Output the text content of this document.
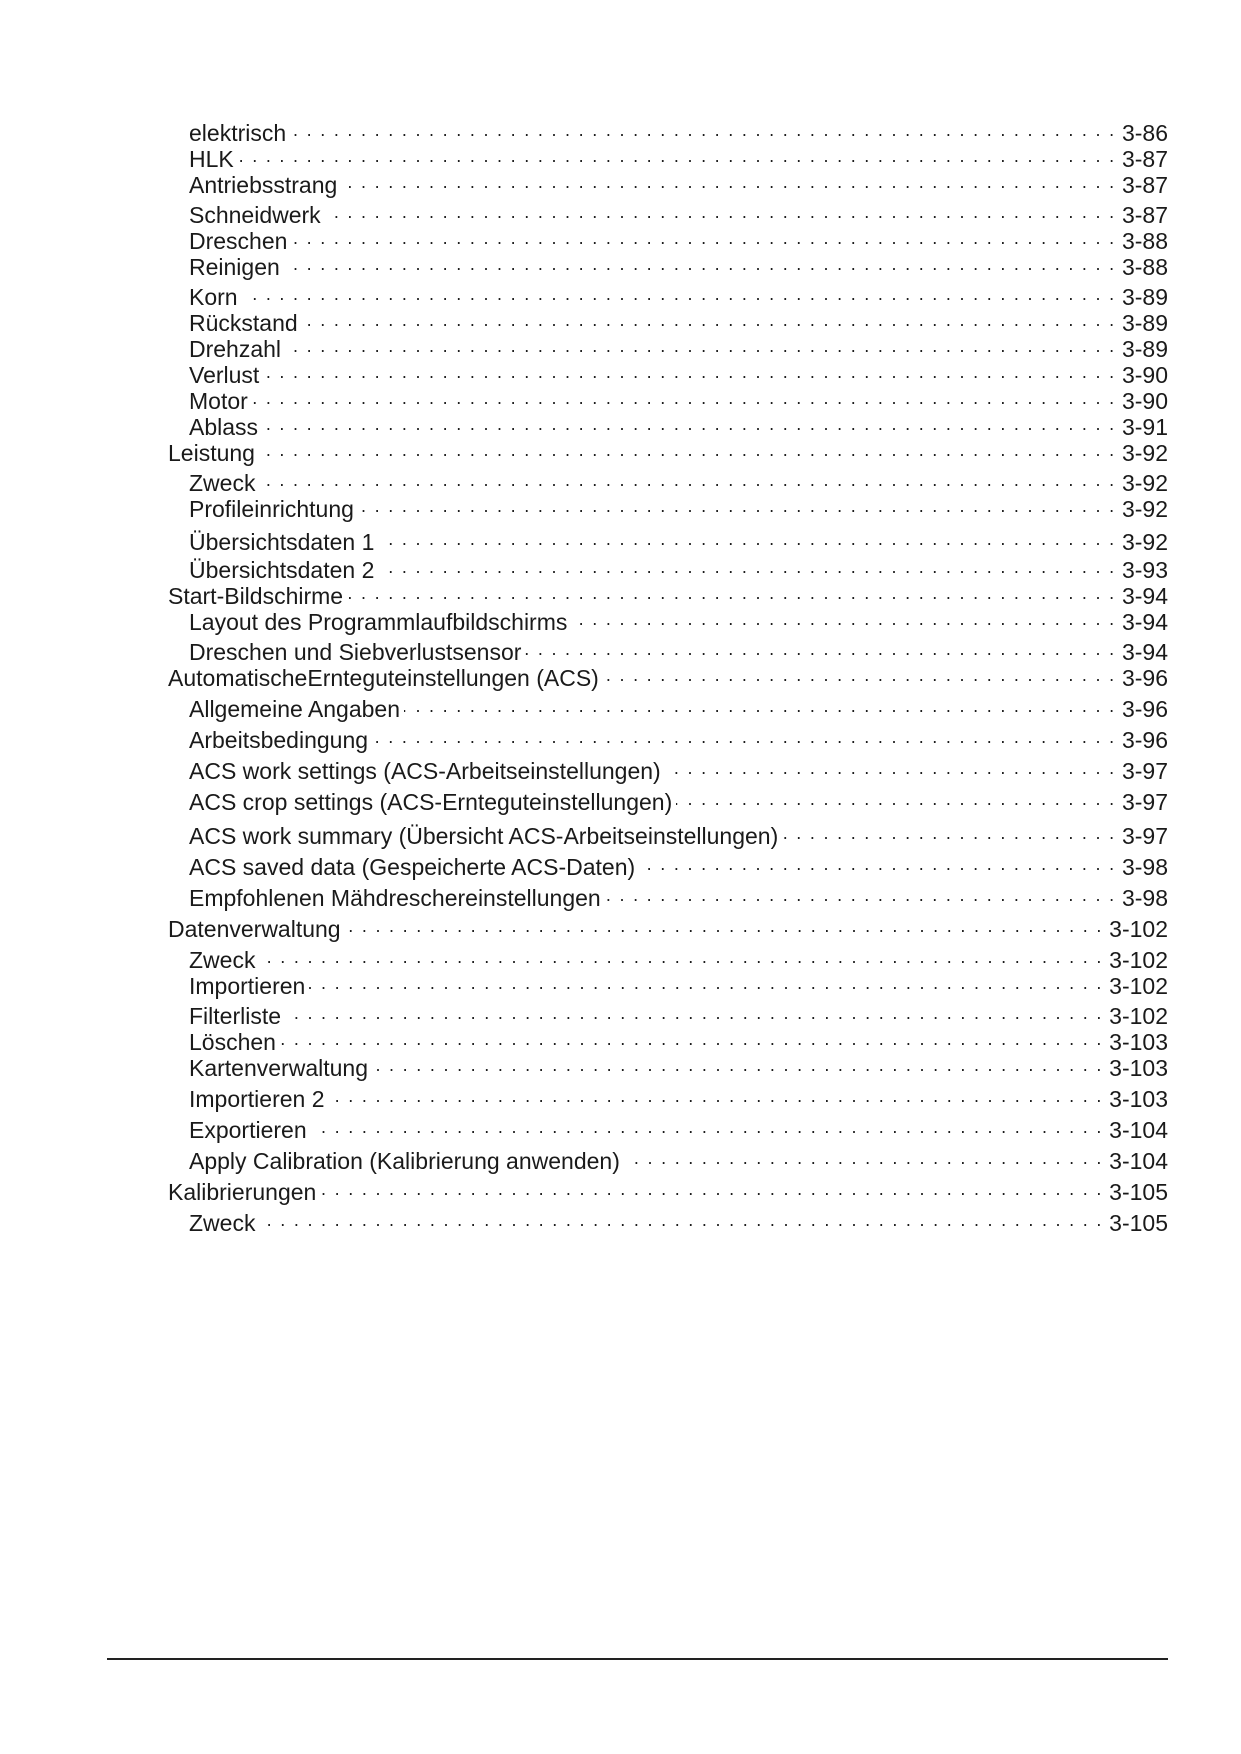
elektrisch . . .	3-86
HLK . . .	3-87
Antriebsstrang . . .	3-87
Schneidwerk . . .	3-87
Dreschen . . .	3-88
Reinigen . . .	3-88
Korn . . .	3-89
Rückstand . . .	3-89
Drehzahl . . .	3-89
Verlust . . .	3-90
Motor . . .	3-90
Ablass . . .	3-91
Leistung . . .	3-92
Zweck . . .	3-92
Profileinrichtung . . .	3-92
Übersichtsdaten 1 . . .	3-92
Übersichtsdaten 2 . . .	3-93
Start-Bildschirme . . .	3-94
Layout des Programmlaufbildschirms . . .	3-94
Dreschen und Siebverlustsensor . . .	3-94
AutomatischeErnteguteinstellungen (ACS) . . .	3-96
Allgemeine Angaben . . .	3-96
Arbeitsbedingung . . .	3-96
ACS work settings (ACS-Arbeitseinstellungen) . . .	3-97
ACS crop settings (ACS-Ernteguteinstellungen) . . .	3-97
ACS work summary (Übersicht ACS-Arbeitseinstellungen) . . .	3-97
ACS saved data (Gespeicherte ACS-Daten) . . .	3-98
Empfohlenen Mähdreschereinstellungen . . .	3-98
Datenverwaltung . . .	3-102
Zweck . . .	3-102
Importieren . . .	3-102
Filterliste . . .	3-102
Löschen . . .	3-103
Kartenverwaltung . . .	3-103
Importieren 2 . . .	3-103
Exportieren . . .	3-104
Apply Calibration (Kalibrierung anwenden) . . .	3-104
Kalibrierungen . . .	3-105
Zweck . . .	3-105
